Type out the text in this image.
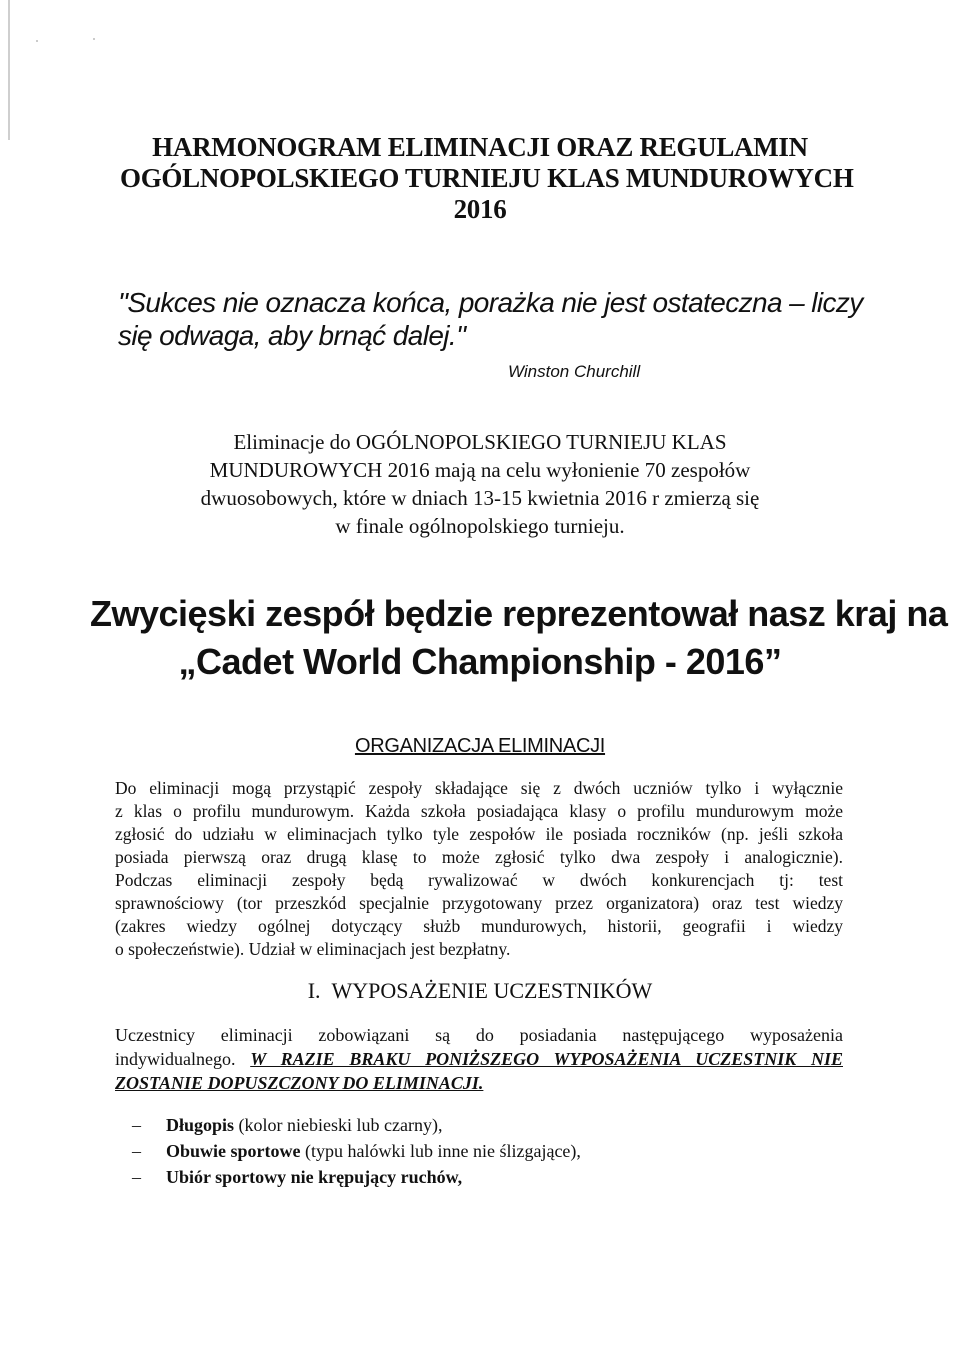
HARMONOGRAM ELIMINACJI ORAZ REGULAMIN
OGÓLNOPOLSKIEGO TURNIEJU KLAS MUNDUROWYCH
2016
"Sukces nie oznacza końca, porażka nie jest ostateczna – liczy
się odwaga, aby brnąć dalej."
Winston Churchill
Eliminacje do OGÓLNOPOLSKIEGO TURNIEJU KLAS
MUNDUROWYCH 2016 mają na celu wyłonienie 70 zespołów
dwuosobowych, które w dniach 13-15 kwietnia 2016 r zmierzą się
w finale ogólnopolskiego turnieju.
Zwycięski zespół będzie reprezentował nasz kraj na
„Cadet World Championship - 2016”
ORGANIZACJA ELIMINACJI
Do eliminacji mogą przystąpić zespoły składające się z dwóch uczniów tylko i wyłącznie
z klas o profilu mundurowym. Każda szkoła posiadająca klasy o profilu mundurowym może
zgłosić do udziału w eliminacjach tylko tyle zespołów ile posiada roczników (np. jeśli szkoła
posiada pierwszą oraz drugą klasę to może zgłosić tylko dwa zespoły i analogicznie).
Podczas eliminacji zespoły będą rywalizować w dwóch konkurencjach tj: test
sprawnościowy (tor przeszkód specjalnie przygotowany przez organizatora) oraz test wiedzy
(zakres wiedzy ogólnej dotyczący służb mundurowych, historii, geografii i wiedzy
o społeczeństwie). Udział w eliminacjach jest bezpłatny.
I. WYPOSAŻENIE UCZESTNIKÓW
Uczestnicy eliminacji zobowiązani są do posiadania następującego wyposażenia
indywidualnego. W RAZIE BRAKU PONIŻSZEGO WYPOSAŻENIA UCZESTNIK NIE
ZOSTANIE DOPUSZCZONY DO ELIMINACJI.
– Długopis (kolor niebieski lub czarny),
– Obuwie sportowe (typu halówki lub inne nie ślizgające),
– Ubiór sportowy nie krępujący ruchów,
